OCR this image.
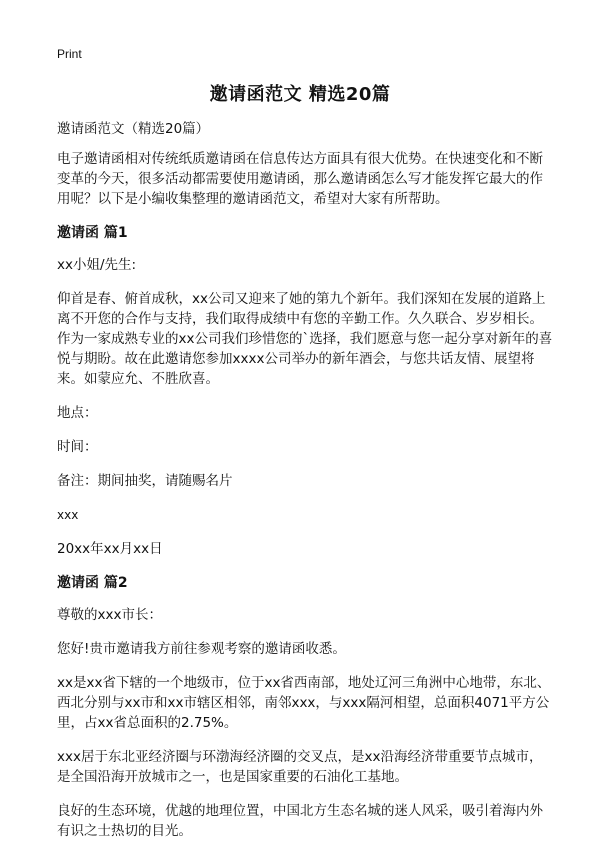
Print
邀请函范文 精选20篇

邀请函范文（精选20篇）

电子邀请函相对传统纸质邀请函在信息传达方面具有很大优势。在快速变化和不断变革的今天，很多活动都需要使用邀请函，那么邀请函怎么写才能发挥它最大的作用呢？以下是小编收集整理的邀请函范文，希望对大家有所帮助。

邀请函 篇1

xx小姐/先生:

仰首是春、俯首成秋，xx公司又迎来了她的第九个新年。我们深知在发展的道路上离不开您的合作与支持，我们取得成绩中有您的辛勤工作。久久联合、岁岁相长。作为一家成熟专业的xx公司我们珍惜您的`选择，我们愿意与您一起分享对新年的喜悦与期盼。故在此邀请您参加xxxx公司举办的新年酒会，与您共话友情、展望将来。如蒙应允、不胜欣喜。

地点：

时间：

备注：期间抽奖，请随赐名片

xxx

20xx年xx月xx日

邀请函 篇2

尊敬的xxx市长：

您好!贵市邀请我方前往参观考察的邀请函收悉。

xx是xx省下辖的一个地级市，位于xx省西南部，地处辽河三角洲中心地带，东北、西北分别与xx市和xx市辖区相邻，南邻xxx，与xxx隔河相望，总面积4071平方公里，占xx省总面积的2.75%。

xxx居于东北亚经济圈与环渤海经济圈的交叉点，是xx沿海经济带重要节点城市，是全国沿海开放城市之一，也是国家重要的石油化工基地。

良好的生态环境，优越的地理位置，中国北方生态名城的迷人风采，吸引着海内外有识之士热切的目光。
